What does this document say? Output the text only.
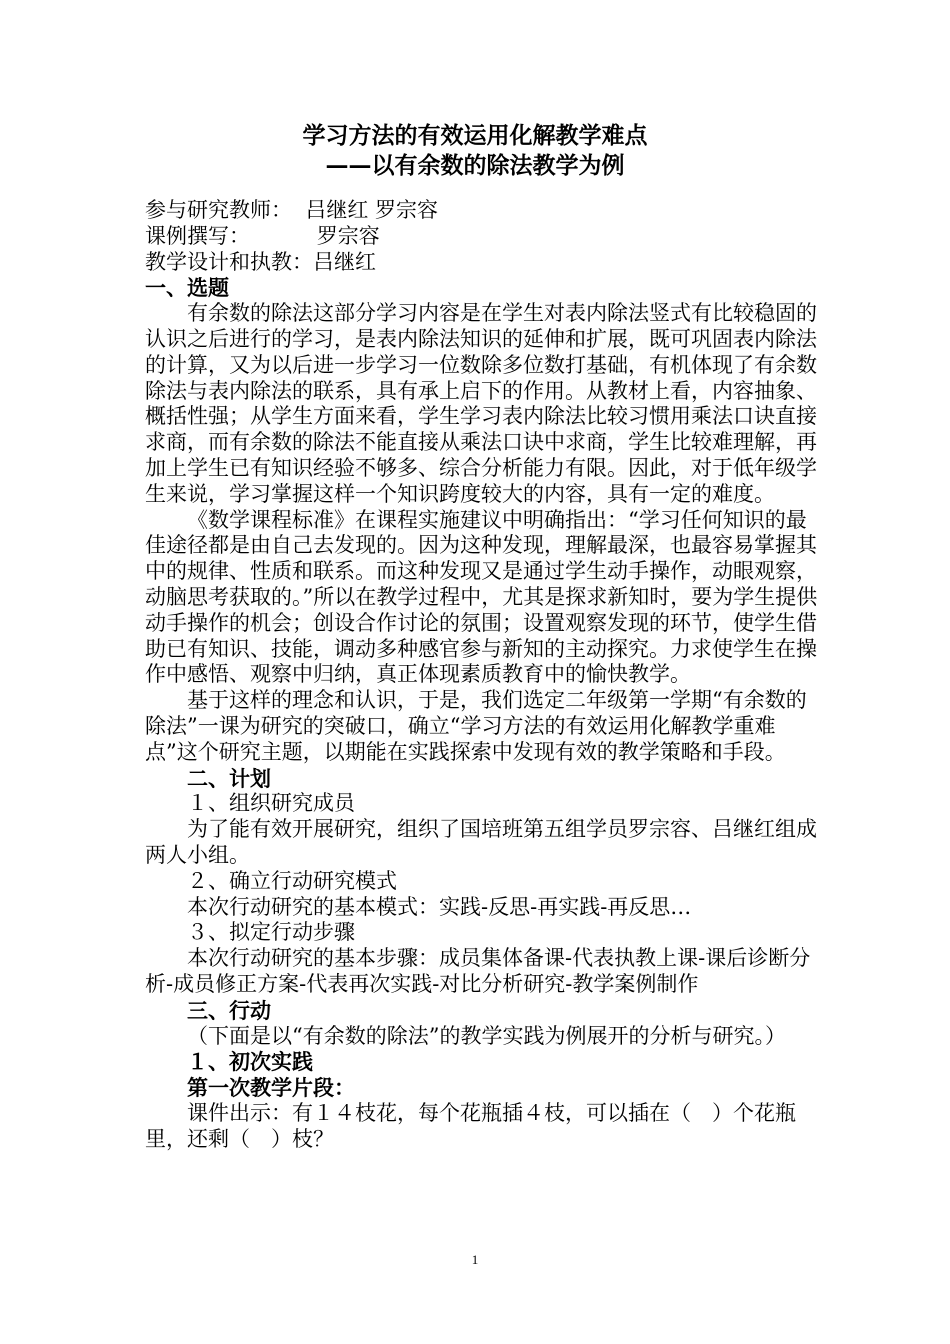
学习方法的有效运用化解教学难点
——以有余数的除法教学为例

参与研究教师： 吕继红 罗宗容

课例撰写： 罗宗容

教学设计和执教： 吕继红

一、选题

有余数的除法这部分学习内容是在学生对表内除法竖式有比较稳固的认识之后进行的学习，是表内除法知识的延伸和扩展，既可巩固表内除法的计算，又为以后进一步学习一位数除多位数打基础，有机体现了有余数除法与表内除法的联系，具有承上启下的作用。从教材上看，内容抽象、概括性强；从学生方面来看，学生学习表内除法比较习惯用乘法口诀直接求商，而有余数的除法不能直接从乘法口诀中求商，学生比较难理解，再加上学生已有知识经验不够多、综合分析能力有限。因此，对于低年级学生来说，学习掌握这样一个知识跨度较大的内容，具有一定的难度。

《数学课程标准》在课程实施建议中明确指出：“学习任何知识的最佳途径都是由自己去发现的。因为这种发现，理解最深，也最容易掌握其中的规律、性质和联系。而这种发现又是通过学生动手操作，动眼观察，动脑思考获取的。”所以在教学过程中，尤其是探求新知时，要为学生提供动手操作的机会；创设合作讨论的氛围；设置观察发现的环节，使学生借助已有知识、技能，调动多种感官参与新知的主动探究。力求使学生在操作中感悟、观察中归纳，真正体现素质教育中的愉快教学。

基于这样的理念和认识，于是，我们选定二年级第一学期“有余数的除法”一课为研究的突破口，确立“学习方法的有效运用化解教学重难点”这个研究主题，以期能在实践探索中发现有效的教学策略和手段。

二、计划

１、组织研究成员

为了能有效开展研究，组织了国培班第五组学员罗宗容、吕继红组成两人小组。

２、确立行动研究模式

本次行动研究的基本模式：实践-反思-再实践-再反思…

３、拟定行动步骤

本次行动研究的基本步骤：成员集体备课-代表执教上课-课后诊断分析-成员修正方案-代表再次实践-对比分析研究-教学案例制作

三、行动

（下面是以“有余数的除法”的教学实践为例展开的分析与研究。）

１、初次实践

第一次教学片段：

课件出示：有１４枝花，每个花瓶插４枝，可以插在（　）个花瓶里，还剩（　）枝？

1
